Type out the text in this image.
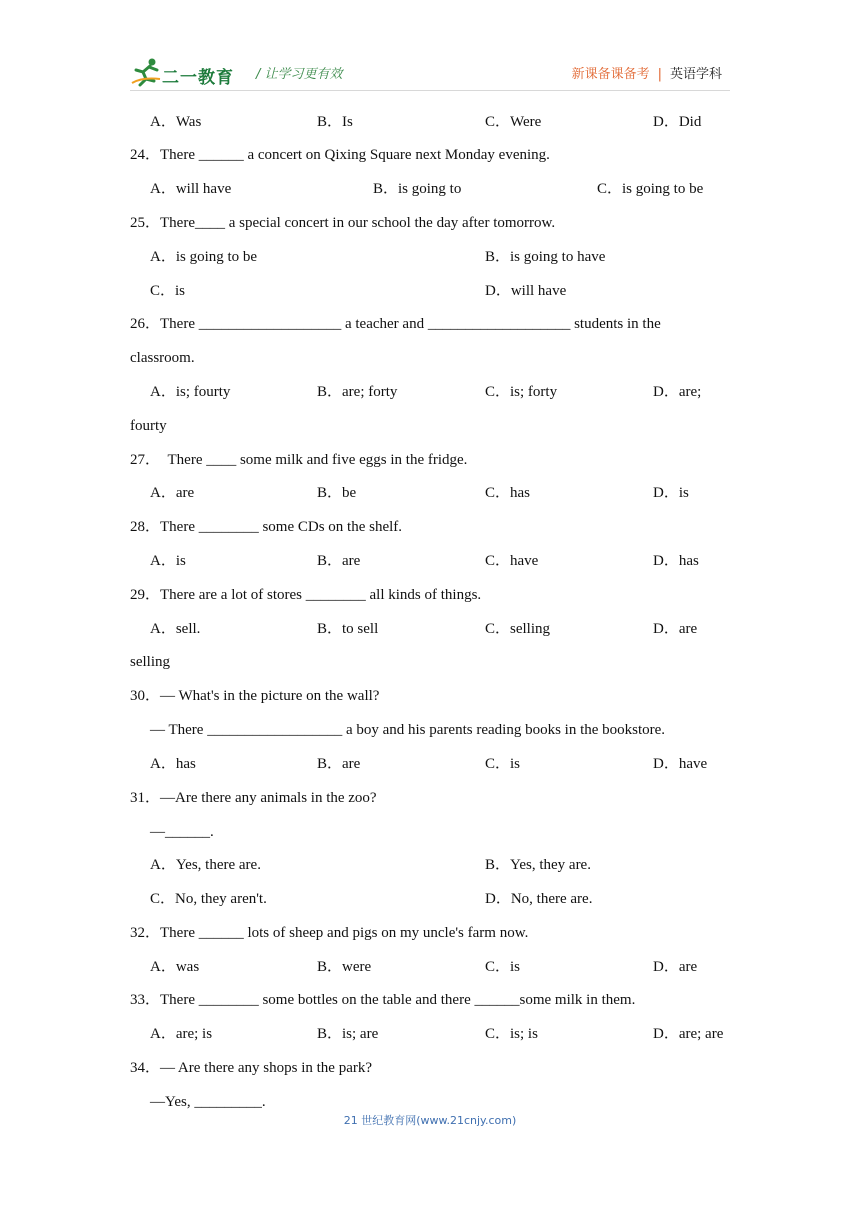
二一教育 / 让学习更有效	新课备课备考 | 英语学科
A．Was	B．Is	C．Were	D．Did
24．There ______ a concert on Qixing Square next Monday evening.
A．will have	B．is going to	C．is going to be
25．There____ a special concert in our school the day after tomorrow.
A．is going to be	B．is going to have
C．is	D．will have
26．There ___________________ a teacher and ___________________ students in the
classroom.
A．is; fourty	B．are; forty	C．is; forty	D．are;
fourty
27．　There ____ some milk and five eggs in the fridge.
A．are	B．be	C．has	D．is
28．There ________ some CDs on the shelf.
A．is	B．are	C．have	D．has
29．There are a lot of stores ________ all kinds of things.
A．sell.	B．to sell	C．selling	D．are
selling
30．— What's in the picture on the wall?
— There __________________ a boy and his parents reading books in the bookstore.
A．has	B．are	C．is	D．have
31．—Are there any animals in the zoo?
—______.
A．Yes, there are.	B．Yes, they are.
C．No, they aren't.	D．No, there are.
32．There ______ lots of sheep and pigs on my uncle's farm now.
A．was	B．were	C．is	D．are
33．There ________ some bottles on the table and there ______some milk in them.
A．are; is	B．is; are	C．is; is	D．are; are
34．— Are there any shops in the park?
—Yes, _________.
21 世纪教育网(www.21cnjy.com)
